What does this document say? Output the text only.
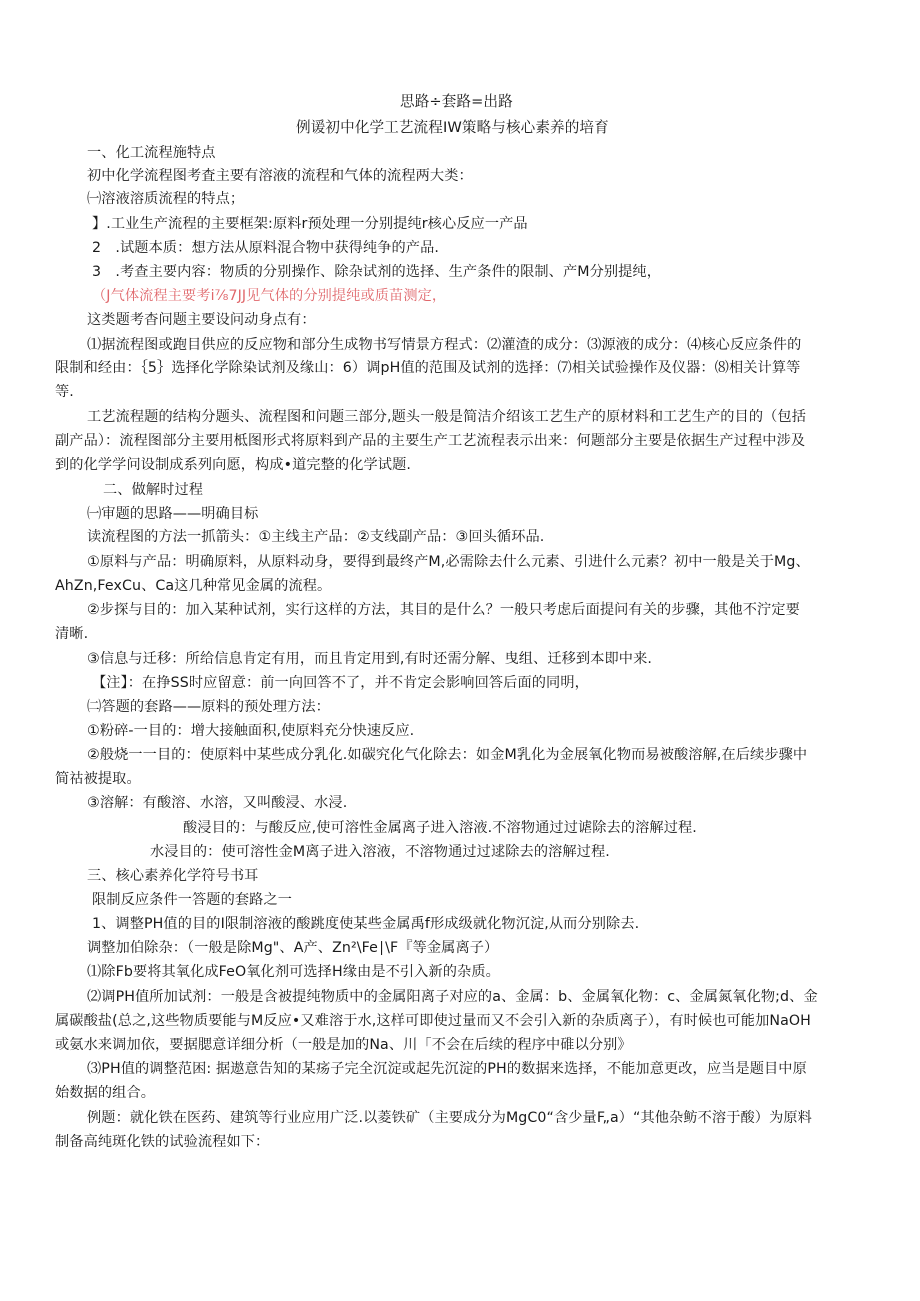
思路÷套路=出路
例谖初中化学工艺流程IW策略与核心素养的培育
一、化工流程施特点
初中化学流程图考査主要有溶液的流程和气体的流程两大类：
㈠溶液溶质流程的特点；
】.工业生产流程的主要框架:原料r预处理一分别提纯r核心反应一产品
2　.试题本质：想方法从原料混合物中获得纯争的产品.
3　.考查主要内容：物质的分别操作、除杂试剂的选择、生产条件的限制、产M分别提纯，
（J气体流程主要考i⅞7JJ见气体的分别提纯或质苗测定，
这类题考杳问题主要设问动身点有：
⑴据流程图或跑目供应的反应物和部分生成物书写情景方程式：⑵灌渣的成分：⑶源液的成分：⑷核心反应条件的
限制和经由：｛5｝选择化学除染试剂及缘山：6）调pH值的范围及试剂的选择：⑺相关试验操作及仪器：⑻相关计算等
等.
工艺流程题的结构分题头、流程图和问题三部分,题头一般是简洁介绍该工艺生产的原材料和工艺生产的目的（包括
副产品）：流程图部分主要用柢图形式将原料到产品的主要生产工艺流程表示出来：何题部分主要是依据生产过程中涉及
到的化学学问设制成系列向愿，构成•道完整的化学试题.
二、做解时过程
㈠审题的思路——明确目标
读流程图的方法一抓箭头：①主线主产品：②支线副产品：③回头循环品.
①原料与产品：明确原料，从原料动身，要得到最终产M,必需除去什么元素、引进什么元素？初中一般是关于Mg、
AhZn,FexCu、Ca这几种常见金属的流程。
②步探与目的：加入某种试剂，实行这样的方法，其目的是什么？一般只考虑后面提问有关的步骤，其他不泞定要
清晰.
③信息与迁移：所给信息肯定有用，而且肯定用到,有时还需分解、曳组、迁移到本即中来.
【注】：在挣SS时应留意：前一向回答不了，并不肯定会影响回答后面的同明，
㈡答题的套路——原料的预处理方法：
①粉碎-一目的：增大接触面积,使原料充分快速反应.
②般烧一一目的：使原料中某些成分乳化.如碳究化气化除去：如金M乳化为金展氧化物而易被酸溶解,在后续步骤中
简祜被提取。
③溶解：有酸溶、水溶，又叫酸浸、水浸.
酸浸目的：与酸反应,使可溶性金属离子进入溶液.不溶物通过过谑除去的溶解过程.
水浸目的：使可溶性金M离子进入溶液，不溶物通过过逑除去的溶解过程.
三、核心素养化学符号书耳
限制反应条件一答题的套路之一
1、调整PH值的目的I限制溶液的酸跳度使某些金属禹f形成级就化物沉淀,从而分别除去.
调整加伯除杂：（一般是除Mg"、A产、Zn²\Fe∣\F『等金属离子）
⑴除Fb要将其氧化成FeO氧化剂可选择H缘由是不引入新的杂质。
⑵调PH值所加试剂：一般是含被提纯物质中的金属阳离子对应的a、金属：b、金属氧化物：c、金属氮氧化物;d、金
属碳酸盐(总之,这些物质要能与M反应•又难溶于水,这样可即使过量而又不会引入新的杂质离子），有时候也可能加NaOH
或氨水来调加依，要据腮意详细分析（一般是加的Na、川「不会在后续的程序中碓以分别》
⑶PH值的调整范困: 据遨意告知的某疡子完全沉淀或起先沉淀的PH的数据来选择，不能加意更改，应当是题目中原
始数据的组合。
例题：就化铁在医药、建筑等行业应用广泛.以菱铁矿（主要成分为MgC0“含少量F„a）“其他杂鲂不溶于酸）为原料
制备高纯斑化铁的试验流程如下：
